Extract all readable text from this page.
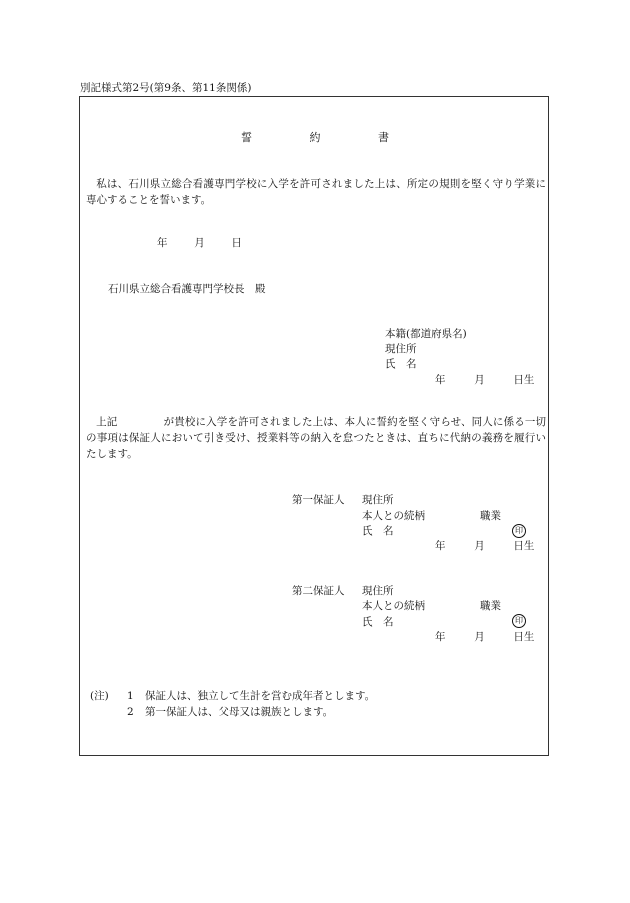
別記様式第2号(第9条、第11条関係)

誓	約	書

私は、石川県立総合看護専門学校に入学を許可されました上は、所定の規則を堅く守り学業に専心することを誓います。

年	月	日

石川県立総合看護専門学校長　殿

本籍(都道府県名)

現住所

氏　名

年	月	日生

上記	が貴校に入学を許可されました上は、本人に誓約を堅く守らせ、同人に係る一切の事項は保証人において引き受け、授業料等の納入を怠つたときは、直ちに代納の義務を履行いたします。

第一保証人 現住所

本人との続柄	職業

氏　名	印
年	月	日生

第二保証人 現住所

本人との続柄	職業

氏　名	印
年	月	日生

(注) 1 保証人は、独立して生計を営む成年者とします。

2 第一保証人は、父母又は親族とします。
